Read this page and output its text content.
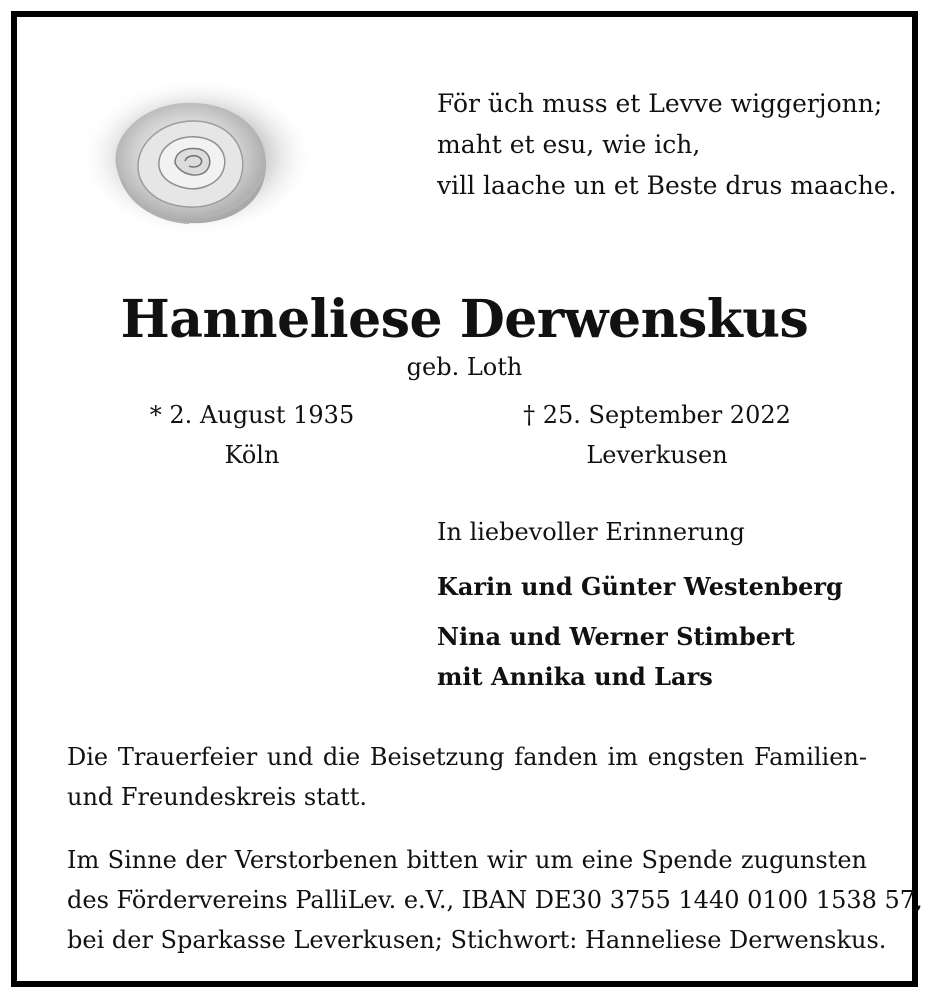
För üch muss et Levve wiggerjonn;
maht et esu, wie ich,
vill laache un et Beste drus maache.
Hanneliese Derwenskus
geb. Loth
* 2. August 1935
Köln
† 25. September 2022
Leverkusen
In liebevoller Erinnerung
Karin und Günter Westenberg
Nina und Werner Stimbert
mit Annika und Lars
Die Trauerfeier und die Beisetzung fanden im engsten Familien-
und Freundeskreis statt.
Im Sinne der Verstorbenen bitten wir um eine Spende zugunsten
des Fördervereins PalliLev. e.V., IBAN DE30 3755 1440 0100 1538 57,
bei der Sparkasse Leverkusen; Stichwort: Hanneliese Derwenskus.
